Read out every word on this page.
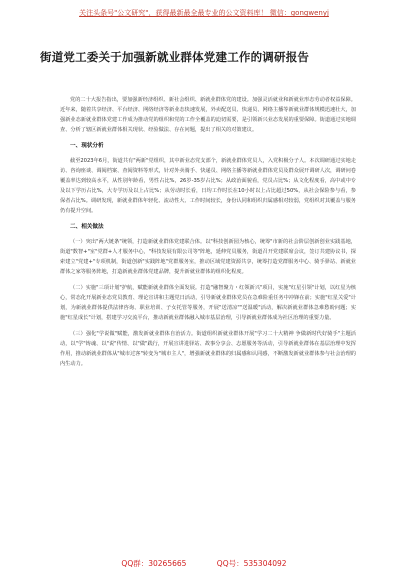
关注头条号"公文研究"，获得最新最全最专业的公文资料库！ 微信：gongwenyj
街道党工委关于加强新就业群体党建工作的调研报告

党的二十大报告指出，要加强新经济组织、新社会组织、新就业群体党的建设。加强灵活就业和新就业形态劳动者权益保障。近年来，随着共享经济、平台经济、网络经济等新业态快速发展，外卖配送员、快递员、网络主播等新就业群体规模迅速壮大，加强新业态新就业群体党建工作成为推动党的组织和党的工作全覆盖的迫切需要，是引领新兴业态发展的重要保障。街道通过实地调查、分析了辖区新就业群体相关现状、经验做法、存在问题，提出了相关的对策建议。

一、现状分析

截至2023年6月，街道共有"两新"党组织，其中新业态党支部个，新就业群体党员人，入党积极分子人。本次调研通过实地走访、咨询座谈、调阅档案、查阅资料等形式，针对外卖骑手、快递员、网络主播等新就业群体党员及群众展开调研人次，调研问卷覆盖率达到较高水平，从性别年龄看，男性占比%，26岁-35岁占比%；从政治面貌看，党员占比%；从文化程度看，高中或中专及以下学历占比%，大专学历及以上占比%；从劳动时长看，日均工作时长在10小时以上占比超过50%，从社会保险参与看，参保者占比%。调研发现，新就业群体年轻化、流动性大、工作时间较长，身份认同和组织归属感相对较弱，党组织对其覆盖与服务仍有提升空间。

二、相关做法

（一）突出"两大链条"统领，打造新就业群体党建联合体。以"科技创新园为核心，统筹"市新的社会阶层创新创业实践基地，街道"数智+"室"党群+人才服务中心，"科技发展有限公司等"阵地，延伸党员服务，街道召开党建联席会议，签订共建协议书，探索建立"党建+"专项机制，街道创新"实践阵地"党群服务室，推动区域党建资源共享，统筹打造党群服务中心、骑手驿站、新就业群体之家等服务阵地，打造新就业群体党建品牌，提升新就业群体的组织化程度。

（二）实施"三项计划"护航，赋能新就业群体全面发展。打造"融智聚力・红领新兴"项目，实施"红星引领"计划，以红星为核心，常态化开展新业态党员教育、理论宣讲和主题党日活动，引导新就业群体党员在急难险重任务中冲锋在前；实施"红星关爱"计划，为新就业群体提供法律咨询、职业培训、子女托管等服务，开展"送清凉""送温暖"活动，解决新就业群体急难愁盼问题；实施"红星成长"计划，搭建学习交流平台，推动新就业群体融入城市基层治理，引导新就业群体成为社区治理的重要力量。

（三）强化"学说做"赋能，激发新就业群体自治活力。街道组织新就业群体开展"学习二十大精神 争做新时代好骑手"主题活动，以"学"铸魂、以"说"传情、以"做"践行，开展宣讲进驿站、故事分享会、志愿服务等活动，引导新就业群体在基层治理中发挥作用，推动新就业群体从"城市过客"转变为"城市主人"，增强新就业群体的归属感和认同感，不断激发新就业群体参与社会治理的内生动力。

QQ群：30265665	QQ号：535304092
